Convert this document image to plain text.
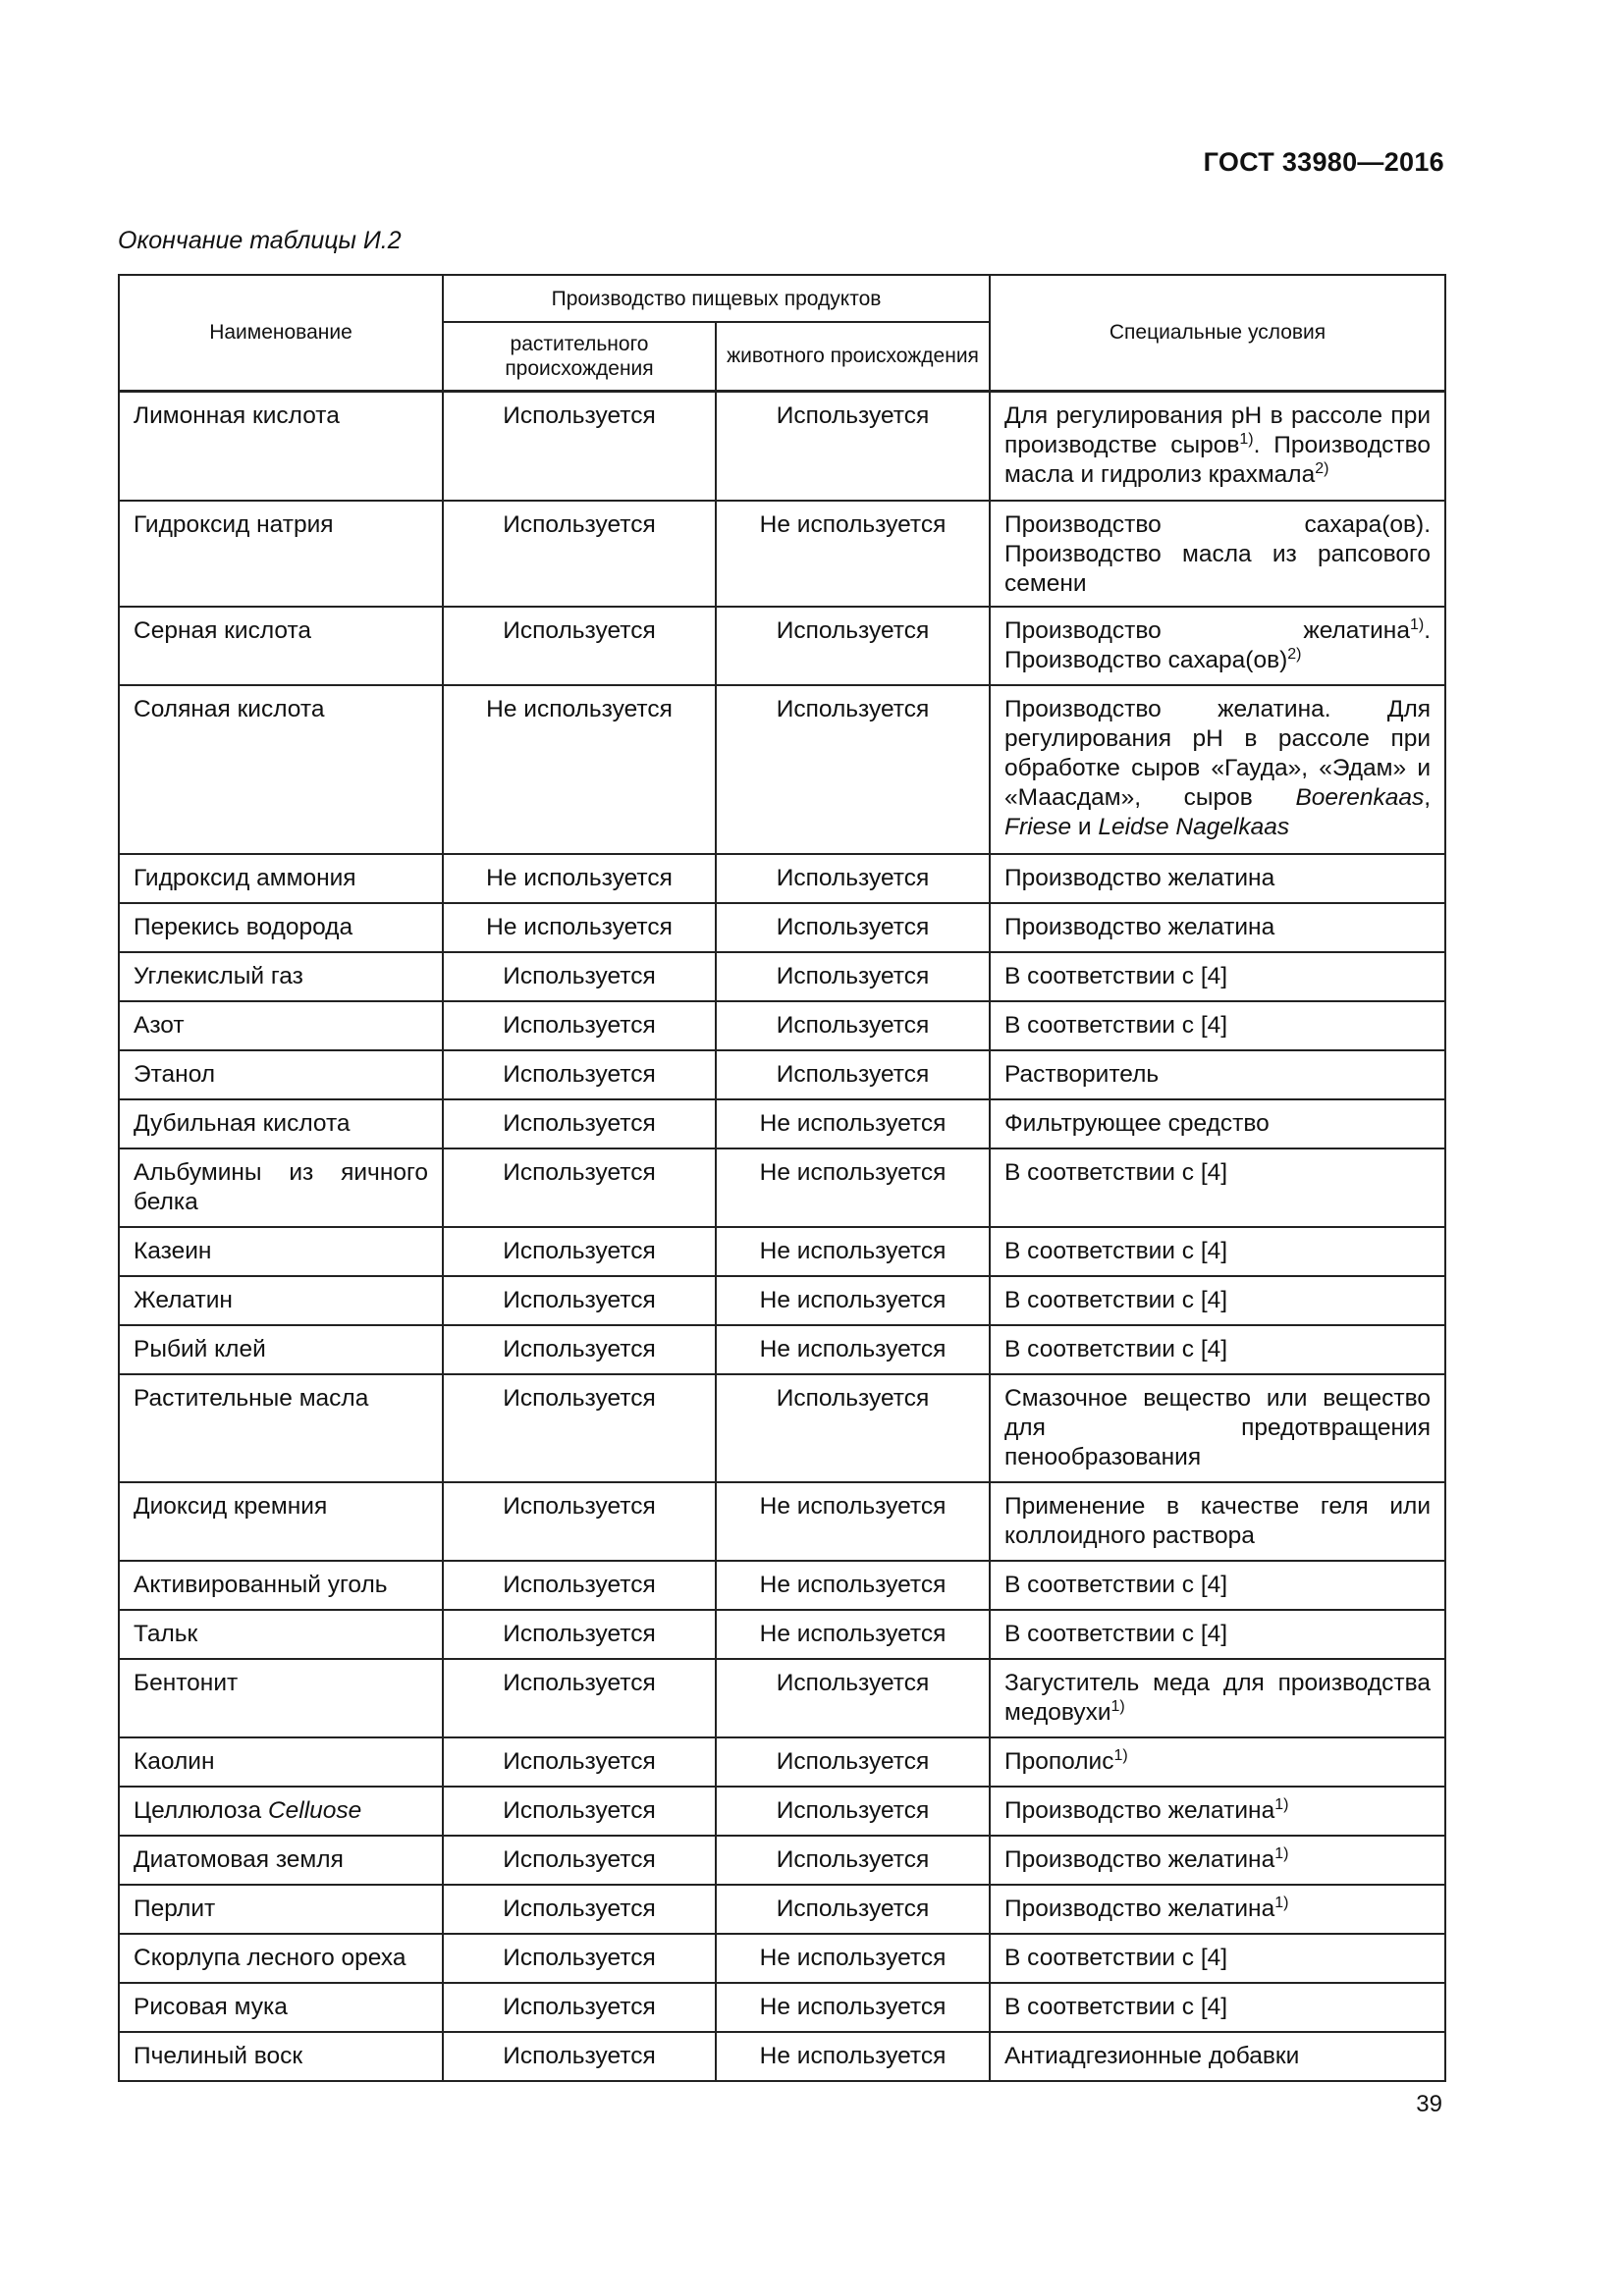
ГОСТ 33980—2016
Окончание таблицы И.2
Наименование	Производство пищевых продуктов		Специальные условия
	растительного происхождения	животного происхождения	
Лимонная кислота	Используется	Используется	Для регулирования рН в рассоле при производстве сыров$^{1)}$. Производство масла и гидролиз крахмала$^{2)}$
Гидроксид натрия	Используется	Не используется	Производство сахара(ов). Производство масла из рапсового семени
Серная кислота	Используется	Используется	Производство желатина$^{1)}$. Производство сахара(ов)$^{2)}$
Соляная кислота	Не используется	Используется	Производство желатина. Для регулирования рН в рассоле при обработке сыров «Гауда», «Эдам» и «Маасдам», сыров Boerenkaas, Friese и Leidse Nagelkaas
Гидроксид аммония	Не используется	Используется	Производство желатина
Перекись водорода	Не используется	Используется	Производство желатина
Углекислый газ	Используется	Используется	В соответствии с [4]
Азот	Используется	Используется	В соответствии с [4]
Этанол	Используется	Используется	Растворитель
Дубильная кислота	Используется	Не используется	Фильтрующее средство
Альбумины из яичного белка	Используется	Не используется	В соответствии с [4]
Казеин	Используется	Не используется	В соответствии с [4]
Желатин	Используется	Не используется	В соответствии с [4]
Рыбий клей	Используется	Не используется	В соответствии с [4]
Растительные масла	Используется	Используется	Смазочное вещество или вещество для предотвращения пенообразования
Диоксид кремния	Используется	Не используется	Применение в качестве геля или коллоидного раствора
Активированный уголь	Используется	Не используется	В соответствии с [4]
Тальк	Используется	Не используется	В соответствии с [4]
Бентонит	Используется	Используется	Загуститель меда для производства медовухи$^{1)}$
Каолин	Используется	Используется	Прополис$^{1)}$
Целлюлоза Celluose	Используется	Используется	Производство желатина$^{1)}$
Диатомовая земля	Используется	Используется	Производство желатина$^{1)}$
Перлит	Используется	Используется	Производство желатина$^{1)}$
Скорлупа лесного ореха	Используется	Не используется	В соответствии с [4]
Рисовая мука	Используется	Не используется	В соответствии с [4]
Пчелиный воск	Используется	Не используется	Антиадгезионные добавки
39
